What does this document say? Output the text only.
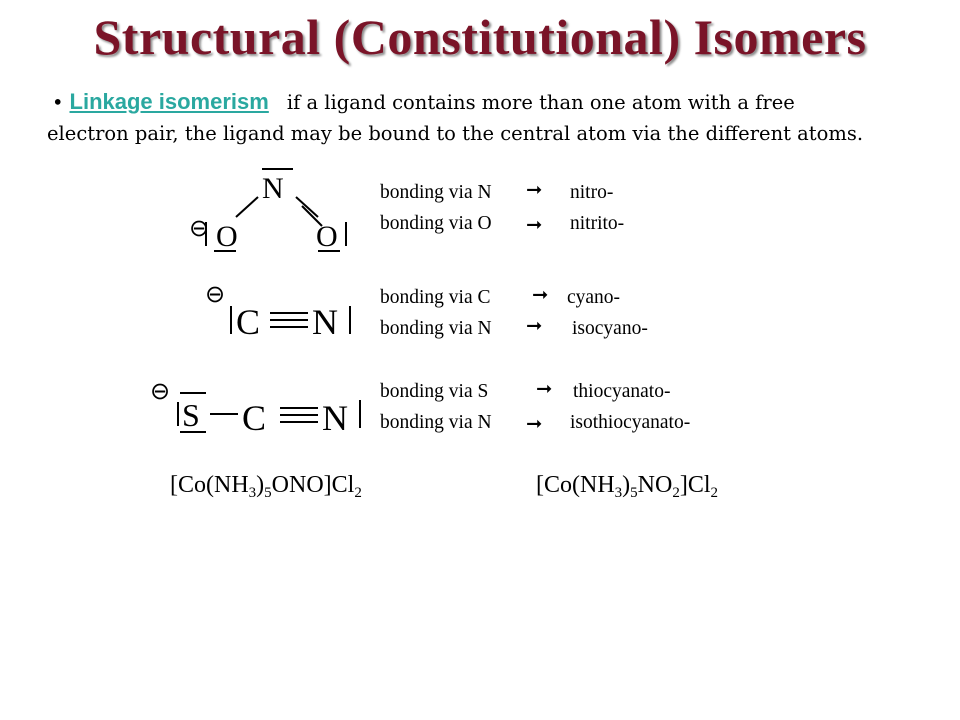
Structural (Constitutional) Isomers
• Linkage isomerism if a ligand contains more than one atom with a free
electron pair, the ligand may be bound to the central atom via the different atoms.
N
O	O
⊖
⊖
C N
⊖
S C N
bonding via N ➞ nitro-
bonding via O ➞ nitrito-
bonding via C ➞ cyano-
bonding via N ➞ isocyano-
bonding via S ➞ thiocyanato-
bonding via N ➞ isothiocyanato-
$[Co(NH_3)_5ONO]Cl_2$	$[Co(NH_3)_5NO_2]Cl_2$
